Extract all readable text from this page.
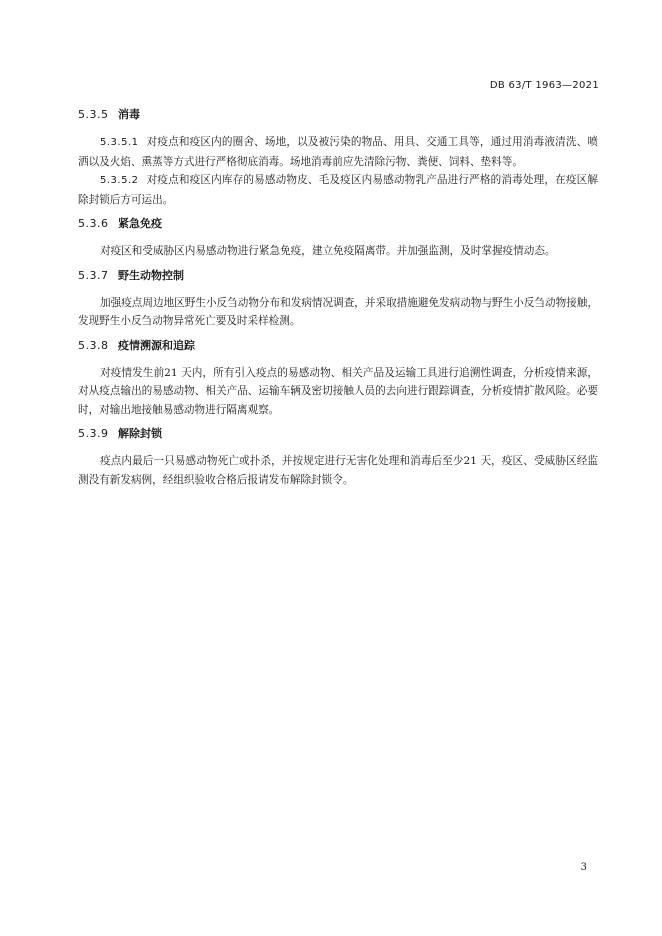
DB 63/T 1963—2021
5.3.5 消毒

5.3.5.1 对疫点和疫区内的圈舍、场地，以及被污染的物品、用具、交通工具等，通过用消毒液清洗、喷洒以及火焰、熏蒸等方式进行严格彻底消毒。场地消毒前应先清除污物、粪便、饲料、垫料等。

5.3.5.2 对疫点和疫区内库存的易感动物皮、毛及疫区内易感动物乳产品进行严格的消毒处理，在疫区解除封锁后方可运出。

5.3.6 紧急免疫

对疫区和受威胁区内易感动物进行紧急免疫，建立免疫隔离带。并加强监测，及时掌握疫情动态。

5.3.7 野生动物控制

加强疫点周边地区野生小反刍动物分布和发病情况调查，并采取措施避免发病动物与野生小反刍动物接触，发现野生小反刍动物异常死亡要及时采样检测。

5.3.8 疫情溯源和追踪

对疫情发生前21 天内，所有引入疫点的易感动物、相关产品及运输工具进行追溯性调查，分析疫情来源，对从疫点输出的易感动物、相关产品、运输车辆及密切接触人员的去向进行跟踪调查，分析疫情扩散风险。必要时，对输出地接触易感动物进行隔离观察。

5.3.9 解除封锁

疫点内最后一只易感动物死亡或扑杀，并按规定进行无害化处理和消毒后至少21 天，疫区、受威胁区经监测没有新发病例，经组织验收合格后报请发布解除封锁令。

3
